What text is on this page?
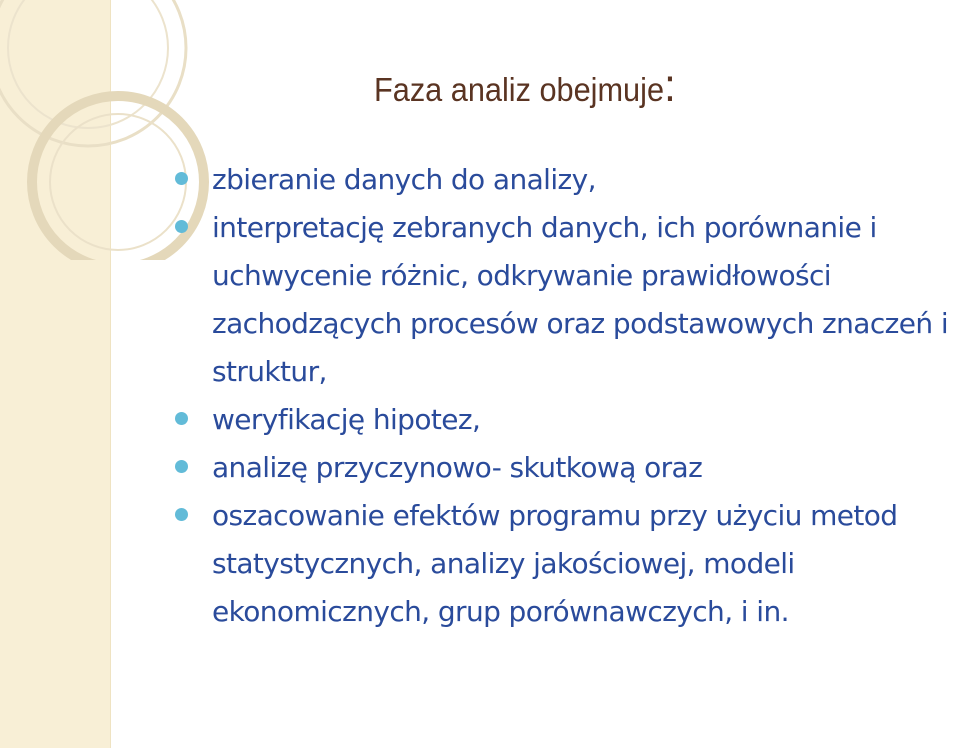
Faza analiz obejmuje:
zbieranie danych do analizy,
interpretację zebranych danych, ich porównanie i uchwycenie różnic, odkrywanie prawidłowości zachodzących procesów oraz podstawowych znaczeń i struktur,
weryfikację hipotez,
analizę przyczynowo- skutkową oraz
oszacowanie efektów programu przy użyciu metod statystycznych, analizy jakościowej, modeli ekonomicznych, grup porównawczych, i in.
